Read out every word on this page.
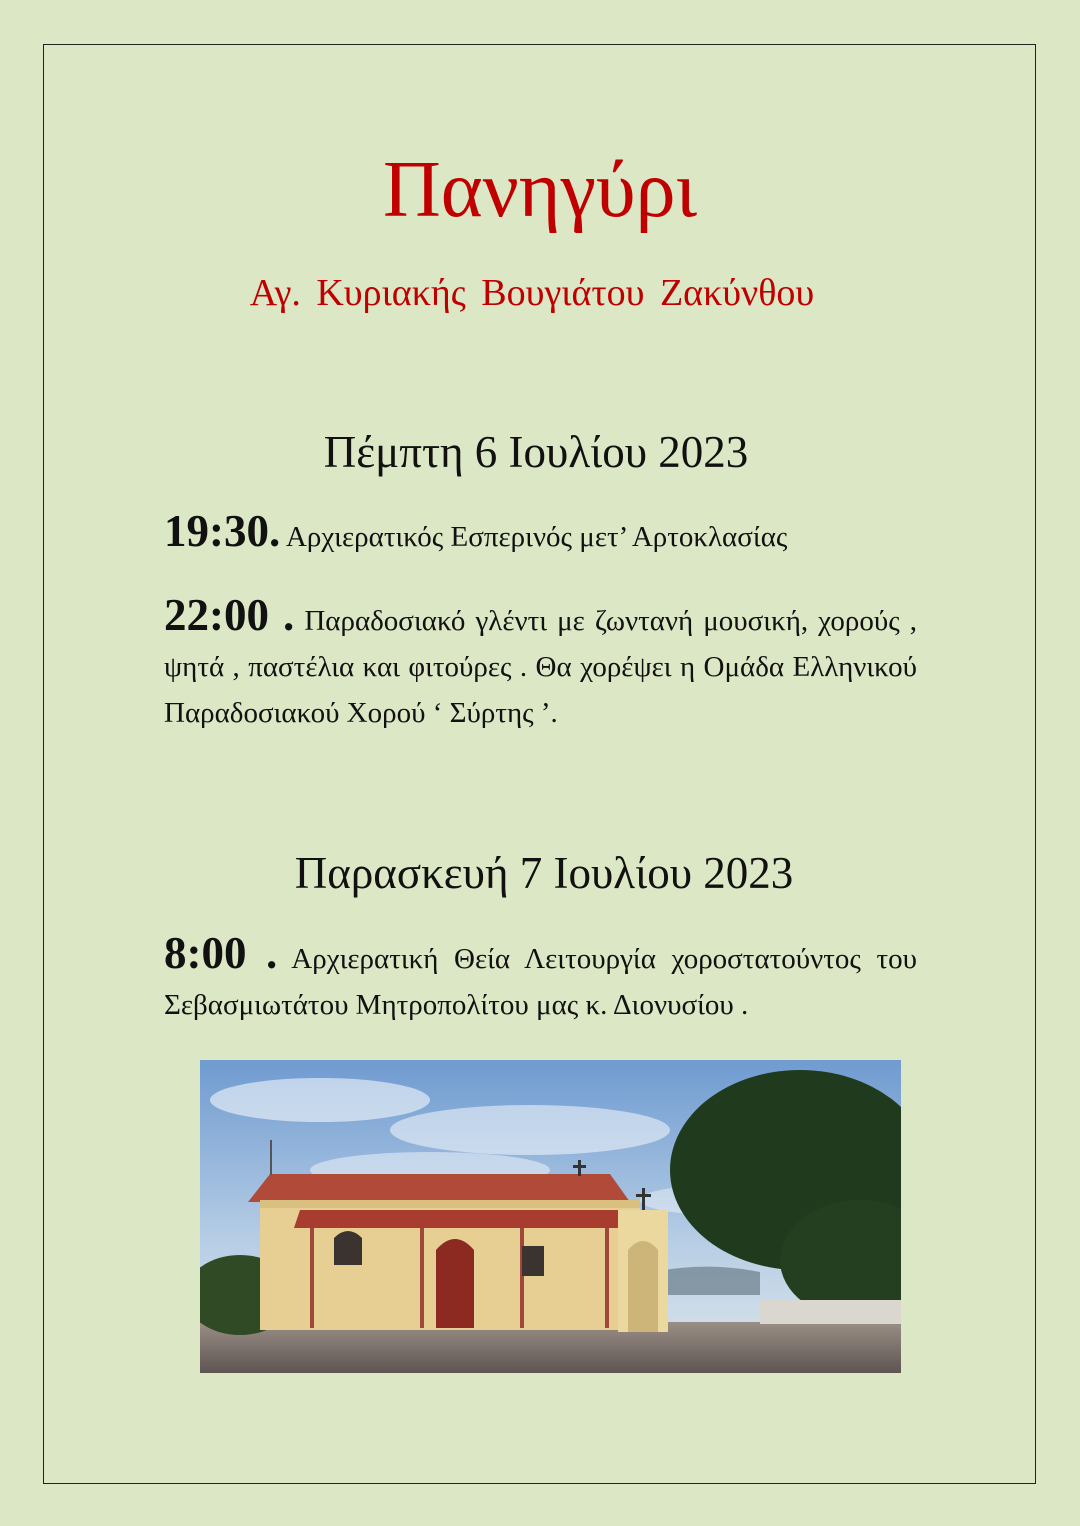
Πανηγύρι
Αγ. Κυριακής Βουγιάτου Ζακύνθου
Πέμπτη 6 Ιουλίου 2023
19:30. Αρχιερατικός Εσπερινός μετ’ Αρτοκλασίας
22:00 . Παραδοσιακό γλέντι με ζωντανή μουσική, χορούς , ψητά , παστέλια και φιτούρες . Θα χορέψει η Ομάδα Ελληνικού Παραδοσιακού Χορού ‘ Σύρτης ’.
Παρασκευή 7 Ιουλίου 2023
8:00 . Αρχιερατική Θεία Λειτουργία χοροστατούντος του Σεβασμιωτάτου Μητροπολίτου μας κ. Διονυσίου .
